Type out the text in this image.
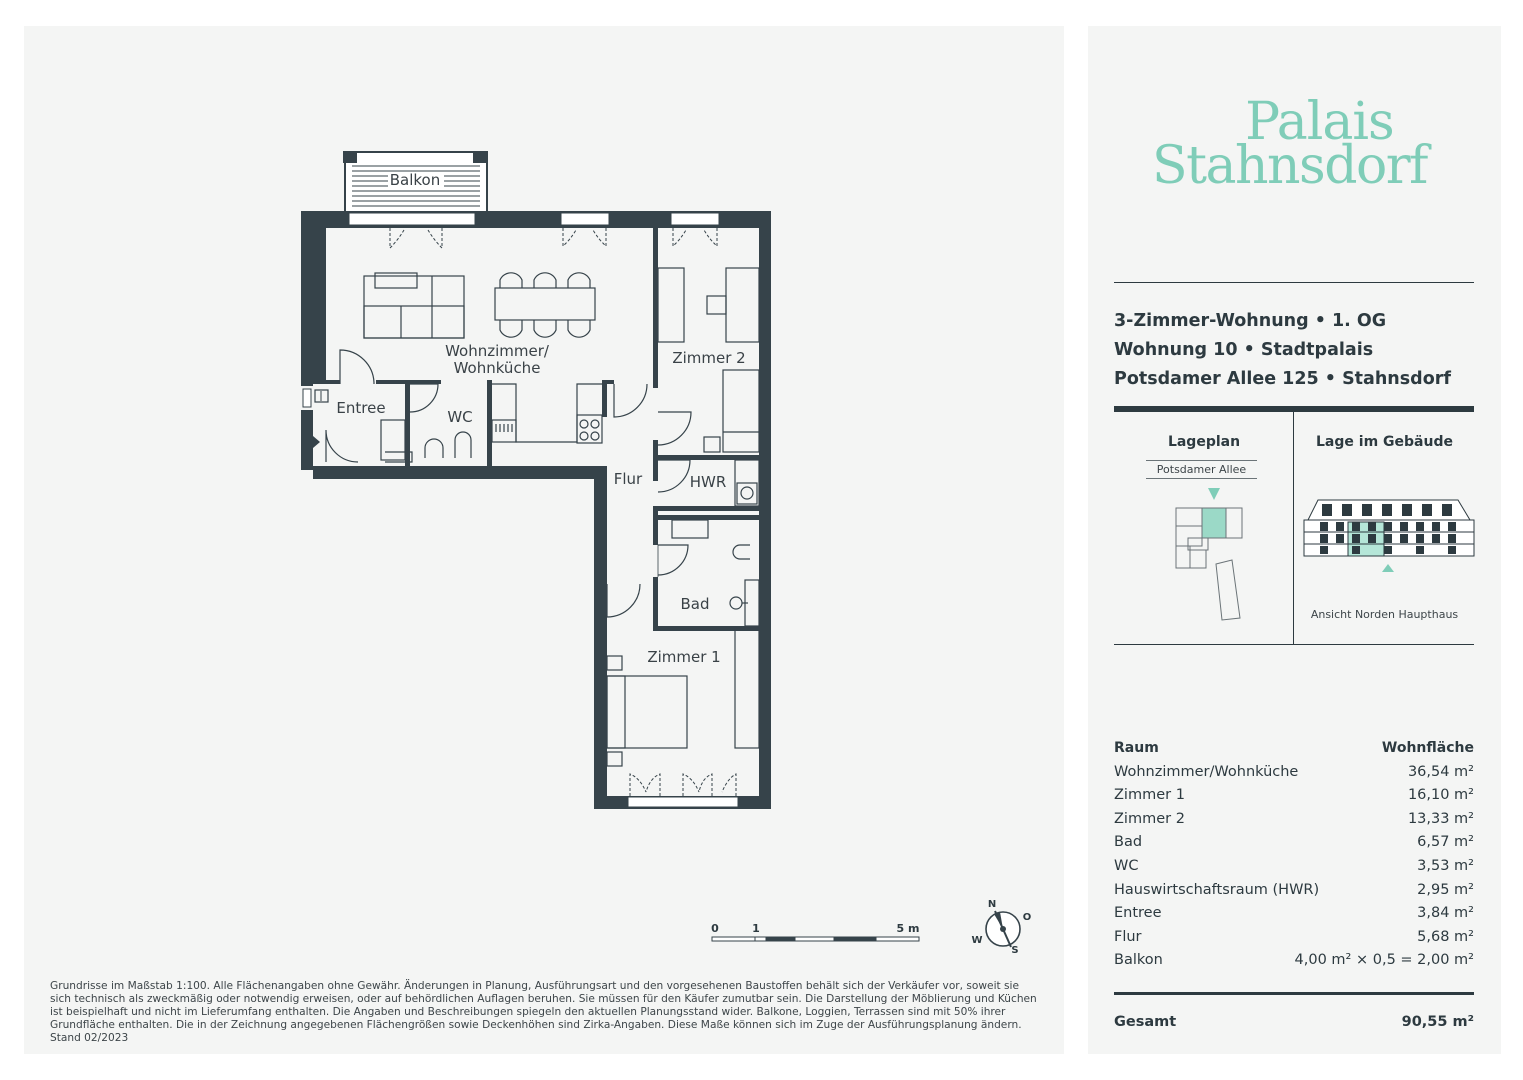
Balkon
Wohnzimmer/
Wohnküche
Zimmer 2
Entree	WC
Flur	HWR
Bad
Zimmer 1
0	1	5 m
N
O
S
W
Grundrisse im Maßstab 1:100. Alle Flächenangaben ohne Gewähr. Änderungen in Planung, Ausführungsart und den vorgesehenen Baustoffen behält sich der Verkäufer vor, soweit sie sich technisch als zweckmäßig oder notwendig erweisen, oder auf behördlichen Auflagen beruhen. Sie müssen für den Käufer zumutbar sein. Die Darstellung der Möblierung und Küchen ist beispielhaft und nicht im Lieferumfang enthalten. Die Angaben und Beschreibungen spiegeln den aktuellen Planungsstand wider. Balkone, Loggien, Terrassen sind mit 50% ihrer Grundfläche enthalten. Die in der Zeichnung angegebenen Flächengrößen sowie Deckenhöhen sind Zirka-Angaben. Diese Maße können sich im Zuge der Ausführungsplanung ändern. Stand 02/2023
Palais
Stahnsdorf
3-Zimmer-Wohnung • 1. OG
Wohnung 10 • Stadtpalais
Potsdamer Allee 125 • Stahnsdorf
Lageplan
Potsdamer Allee
Lage im Gebäude
Ansicht Norden Haupthaus
Raum	Wohnfläche
Wohnzimmer/Wohnküche	36,54 m²
Zimmer 1	16,10 m²
Zimmer 2	13,33 m²
Bad	6,57 m²
WC	3,53 m²
Hauswirtschaftsraum (HWR)	2,95 m²
Entree	3,84 m²
Flur	5,68 m²
Balkon	4,00 m² × 0,5 = 2,00 m²
Gesamt	90,55 m²
